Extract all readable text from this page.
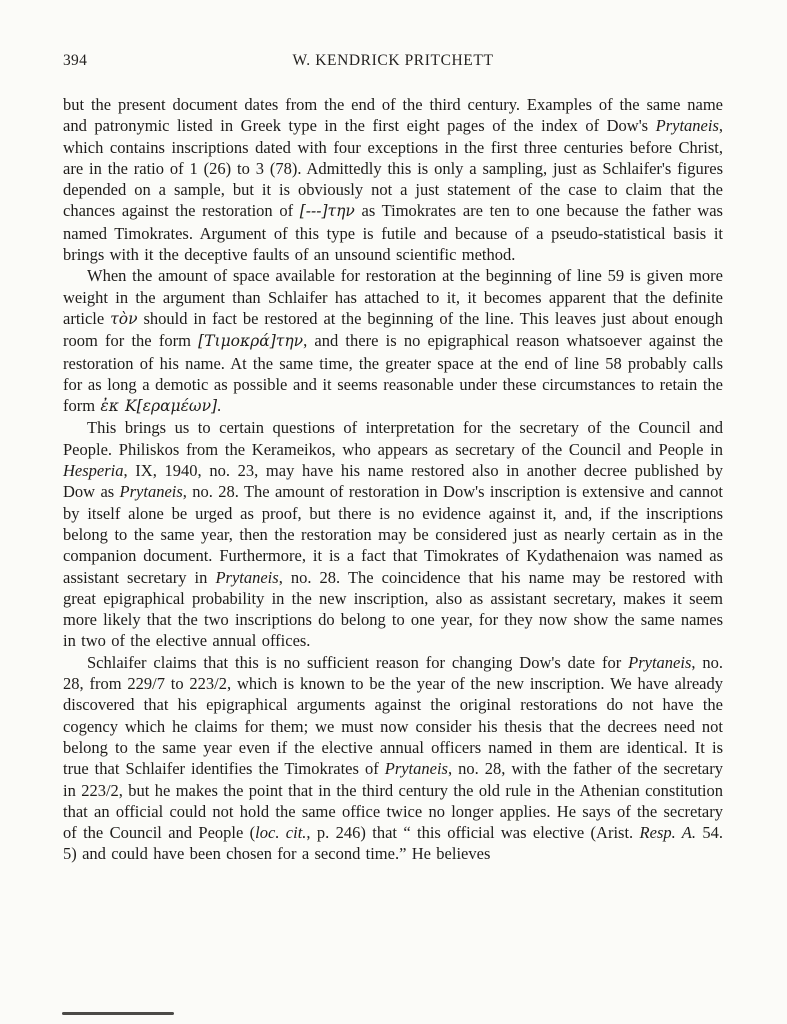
394	W. KENDRICK PRITCHETT

but the present document dates from the end of the third century. Examples of the same name and patronymic listed in Greek type in the first eight pages of the index of Dow's Prytaneis, which contains inscriptions dated with four exceptions in the first three centuries before Christ, are in the ratio of 1 (26) to 3 (78). Admittedly this is only a sampling, just as Schlaifer's figures depended on a sample, but it is obviously not a just statement of the case to claim that the chances against the restoration of [---]την as Timokrates are ten to one because the father was named Timokrates. Argument of this type is futile and because of a pseudo-statistical basis it brings with it the deceptive faults of an unsound scientific method.

When the amount of space available for restoration at the beginning of line 59 is given more weight in the argument than Schlaifer has attached to it, it becomes apparent that the definite article τὸν should in fact be restored at the beginning of the line. This leaves just about enough room for the form [Τιμοκρά]την, and there is no epigraphical reason whatsoever against the restoration of his name. At the same time, the greater space at the end of line 58 probably calls for as long a demotic as possible and it seems reasonable under these circumstances to retain the form ἐκ Κ[εραμέων].

This brings us to certain questions of interpretation for the secretary of the Council and People. Philiskos from the Kerameikos, who appears as secretary of the Council and People in Hesperia, IX, 1940, no. 23, may have his name restored also in another decree published by Dow as Prytaneis, no. 28. The amount of restoration in Dow's inscription is extensive and cannot by itself alone be urged as proof, but there is no evidence against it, and, if the inscriptions belong to the same year, then the restoration may be considered just as nearly certain as in the companion document. Furthermore, it is a fact that Timokrates of Kydathenaion was named as assistant secretary in Prytaneis, no. 28. The coincidence that his name may be restored with great epigraphical probability in the new inscription, also as assistant secretary, makes it seem more likely that the two inscriptions do belong to one year, for they now show the same names in two of the elective annual offices.

Schlaifer claims that this is no sufficient reason for changing Dow's date for Prytaneis, no. 28, from 229/7 to 223/2, which is known to be the year of the new inscription. We have already discovered that his epigraphical arguments against the original restorations do not have the cogency which he claims for them; we must now consider his thesis that the decrees need not belong to the same year even if the elective annual officers named in them are identical. It is true that Schlaifer identifies the Timokrates of Prytaneis, no. 28, with the father of the secretary in 223/2, but he makes the point that in the third century the old rule in the Athenian constitution that an official could not hold the same office twice no longer applies. He says of the secretary of the Council and People (loc. cit., p. 246) that “ this official was elective (Arist. Resp. A. 54. 5) and could have been chosen for a second time.” He believes
